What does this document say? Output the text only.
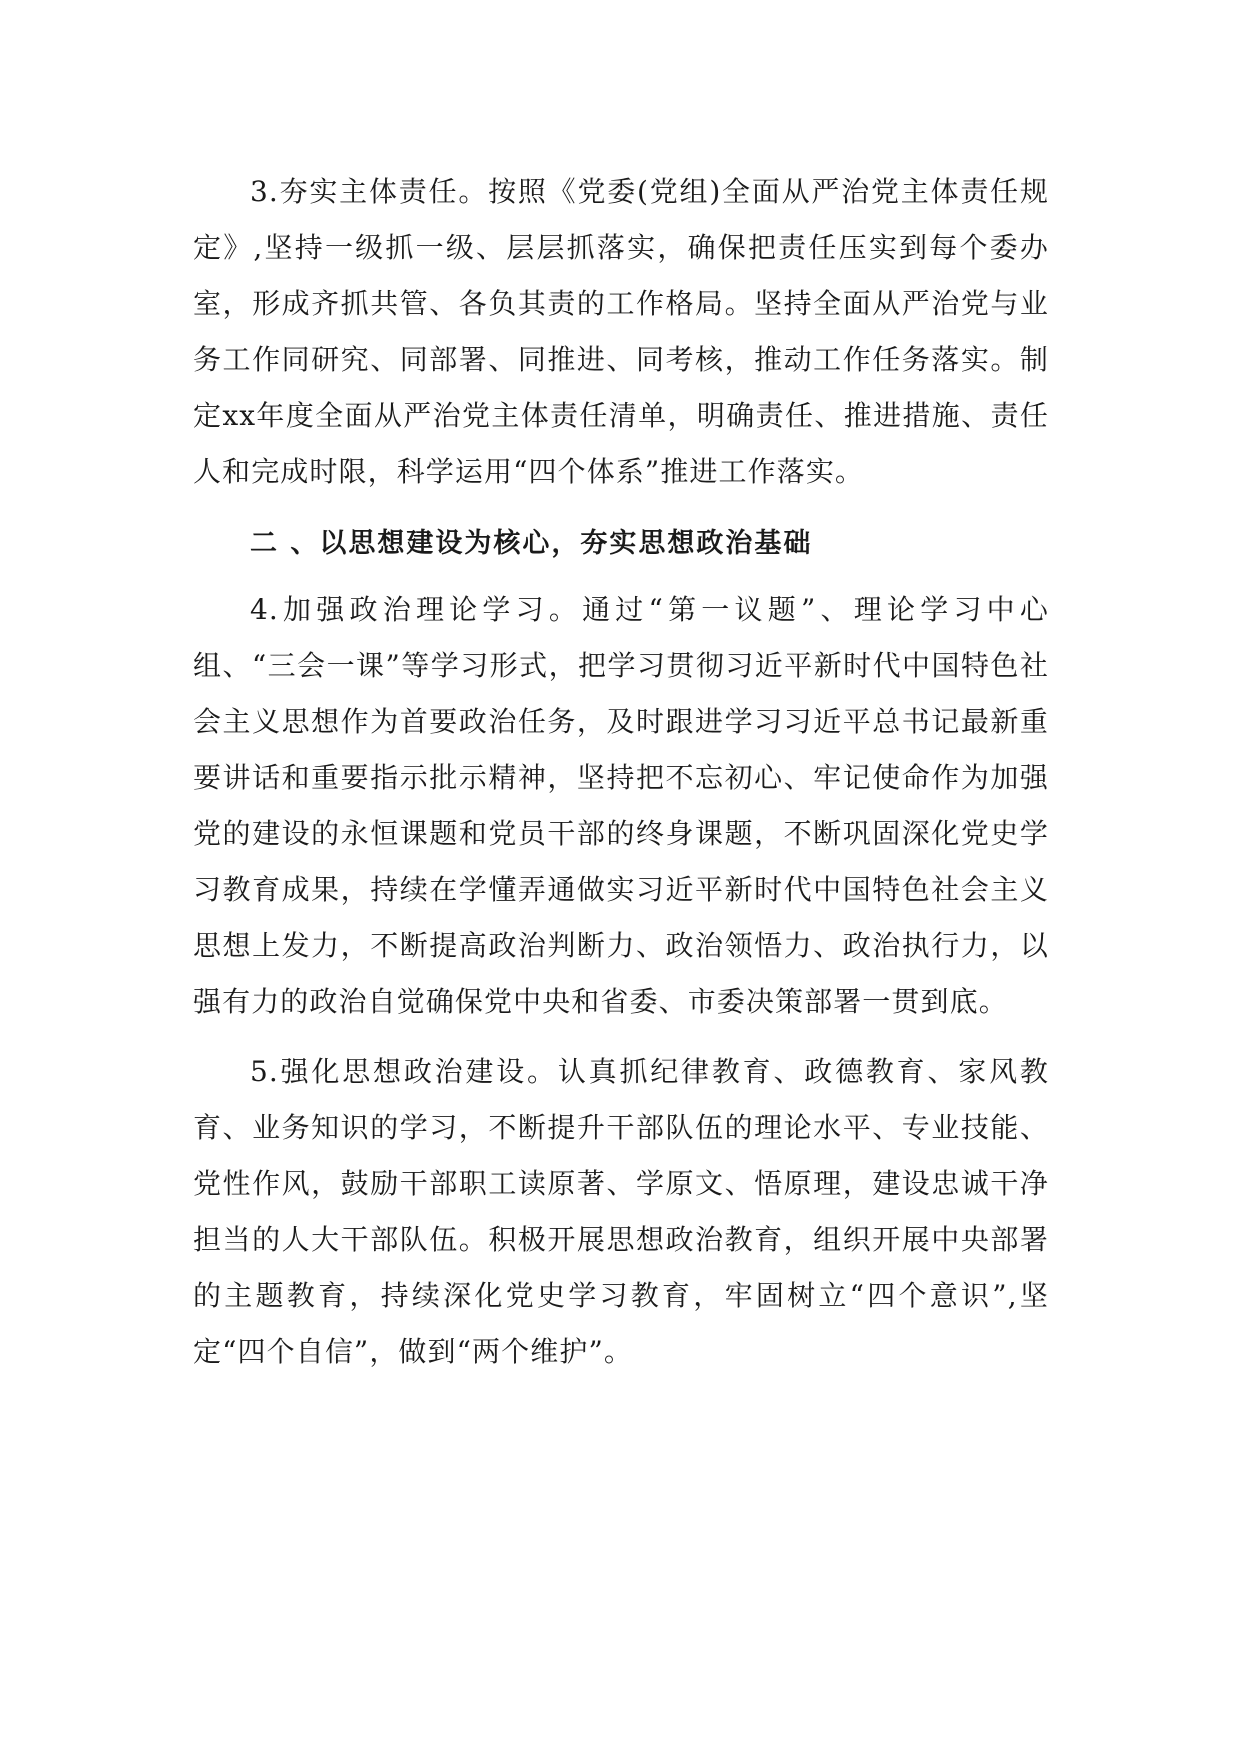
3.夯实主体责任。按照《党委(党组)全面从严治党主体责任规定》,坚持一级抓一级、层层抓落实，确保把责任压实到每个委办室，形成齐抓共管、各负其责的工作格局。坚持全面从严治党与业务工作同研究、同部署、同推进、同考核，推动工作任务落实。制定xx年度全面从严治党主体责任清单，明确责任、推进措施、责任人和完成时限，科学运用“四个体系”推进工作落实。

二 、以思想建设为核心，夯实思想政治基础

4.加强政治理论学习。通过“第一议题”、理论学习中心组、“三会一课”等学习形式，把学习贯彻习近平新时代中国特色社会主义思想作为首要政治任务，及时跟进学习习近平总书记最新重要讲话和重要指示批示精神，坚持把不忘初心、牢记使命作为加强党的建设的永恒课题和党员干部的终身课题，不断巩固深化党史学习教育成果，持续在学懂弄通做实习近平新时代中国特色社会主义思想上发力，不断提高政治判断力、政治领悟力、政治执行力，以强有力的政治自觉确保党中央和省委、市委决策部署一贯到底。

5.强化思想政治建设。认真抓纪律教育、政德教育、家风教育、业务知识的学习，不断提升干部队伍的理论水平、专业技能、党性作风，鼓励干部职工读原著、学原文、悟原理，建设忠诚干净担当的人大干部队伍。积极开展思想政治教育，组织开展中央部署的主题教育，持续深化党史学习教育，牢固树立“四个意识”,坚定“四个自信”，做到“两个维护”。
